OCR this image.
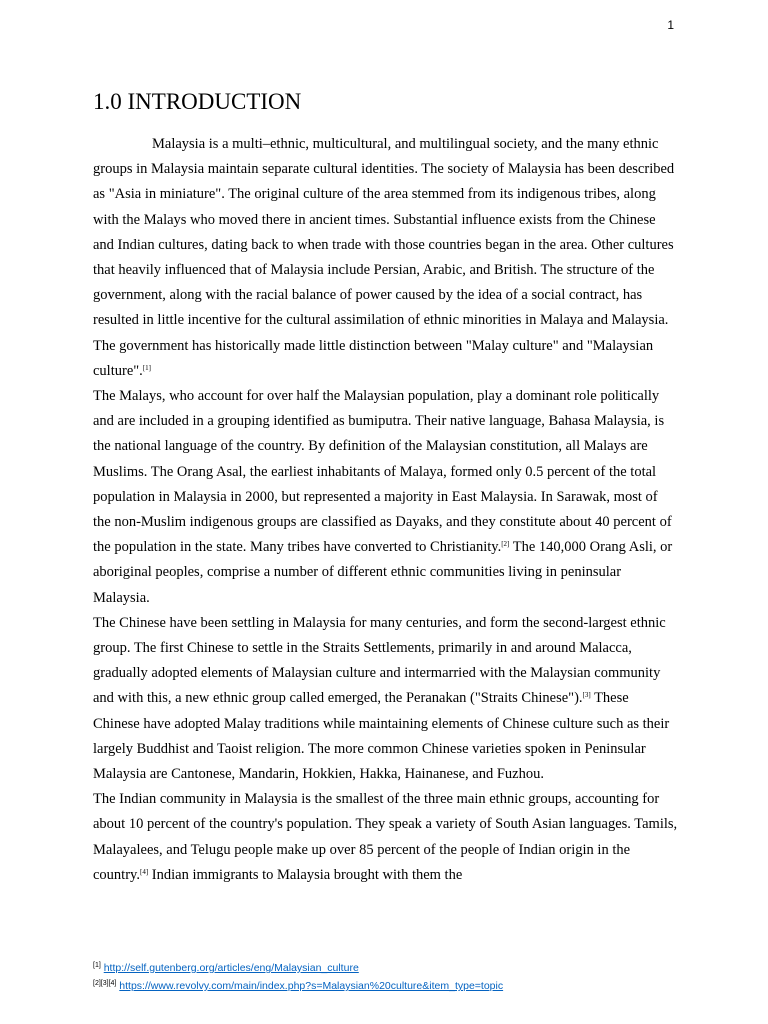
1
1.0 INTRODUCTION

Malaysia is a multi–ethnic, multicultural, and multilingual society, and the many ethnic groups in Malaysia maintain separate cultural identities. The society of Malaysia has been described as "Asia in miniature". The original culture of the area stemmed from its indigenous tribes, along with the Malays who moved there in ancient times. Substantial influence exists from the Chinese and Indian cultures, dating back to when trade with those countries began in the area. Other cultures that heavily influenced that of Malaysia include Persian, Arabic, and British. The structure of the government, along with the racial balance of power caused by the idea of a social contract, has resulted in little incentive for the cultural assimilation of ethnic minorities in Malaya and Malaysia. The government has historically made little distinction between "Malay culture" and "Malaysian culture".[1]

The Malays, who account for over half the Malaysian population, play a dominant role politically and are included in a grouping identified as bumiputra. Their native language, Bahasa Malaysia, is the national language of the country. By definition of the Malaysian constitution, all Malays are Muslims. The Orang Asal, the earliest inhabitants of Malaya, formed only 0.5 percent of the total population in Malaysia in 2000, but represented a majority in East Malaysia. In Sarawak, most of the non-Muslim indigenous groups are classified as Dayaks, and they constitute about 40 percent of the population in the state. Many tribes have converted to Christianity.[2] The 140,000 Orang Asli, or aboriginal peoples, comprise a number of different ethnic communities living in peninsular Malaysia.

The Chinese have been settling in Malaysia for many centuries, and form the second-largest ethnic group. The first Chinese to settle in the Straits Settlements, primarily in and around Malacca, gradually adopted elements of Malaysian culture and intermarried with the Malaysian community and with this, a new ethnic group called emerged, the Peranakan ("Straits Chinese").[3] These Chinese have adopted Malay traditions while maintaining elements of Chinese culture such as their largely Buddhist and Taoist religion. The more common Chinese varieties spoken in Peninsular Malaysia are Cantonese, Mandarin, Hokkien, Hakka, Hainanese, and Fuzhou.

The Indian community in Malaysia is the smallest of the three main ethnic groups, accounting for about 10 percent of the country's population. They speak a variety of South Asian languages. Tamils, Malayalees, and Telugu people make up over 85 percent of the people of Indian origin in the country.[4] Indian immigrants to Malaysia brought with them the

[1] http://self.gutenberg.org/articles/eng/Malaysian_culture
[2][3][4] https://www.revolvy.com/main/index.php?s=Malaysian%20culture&item_type=topic
